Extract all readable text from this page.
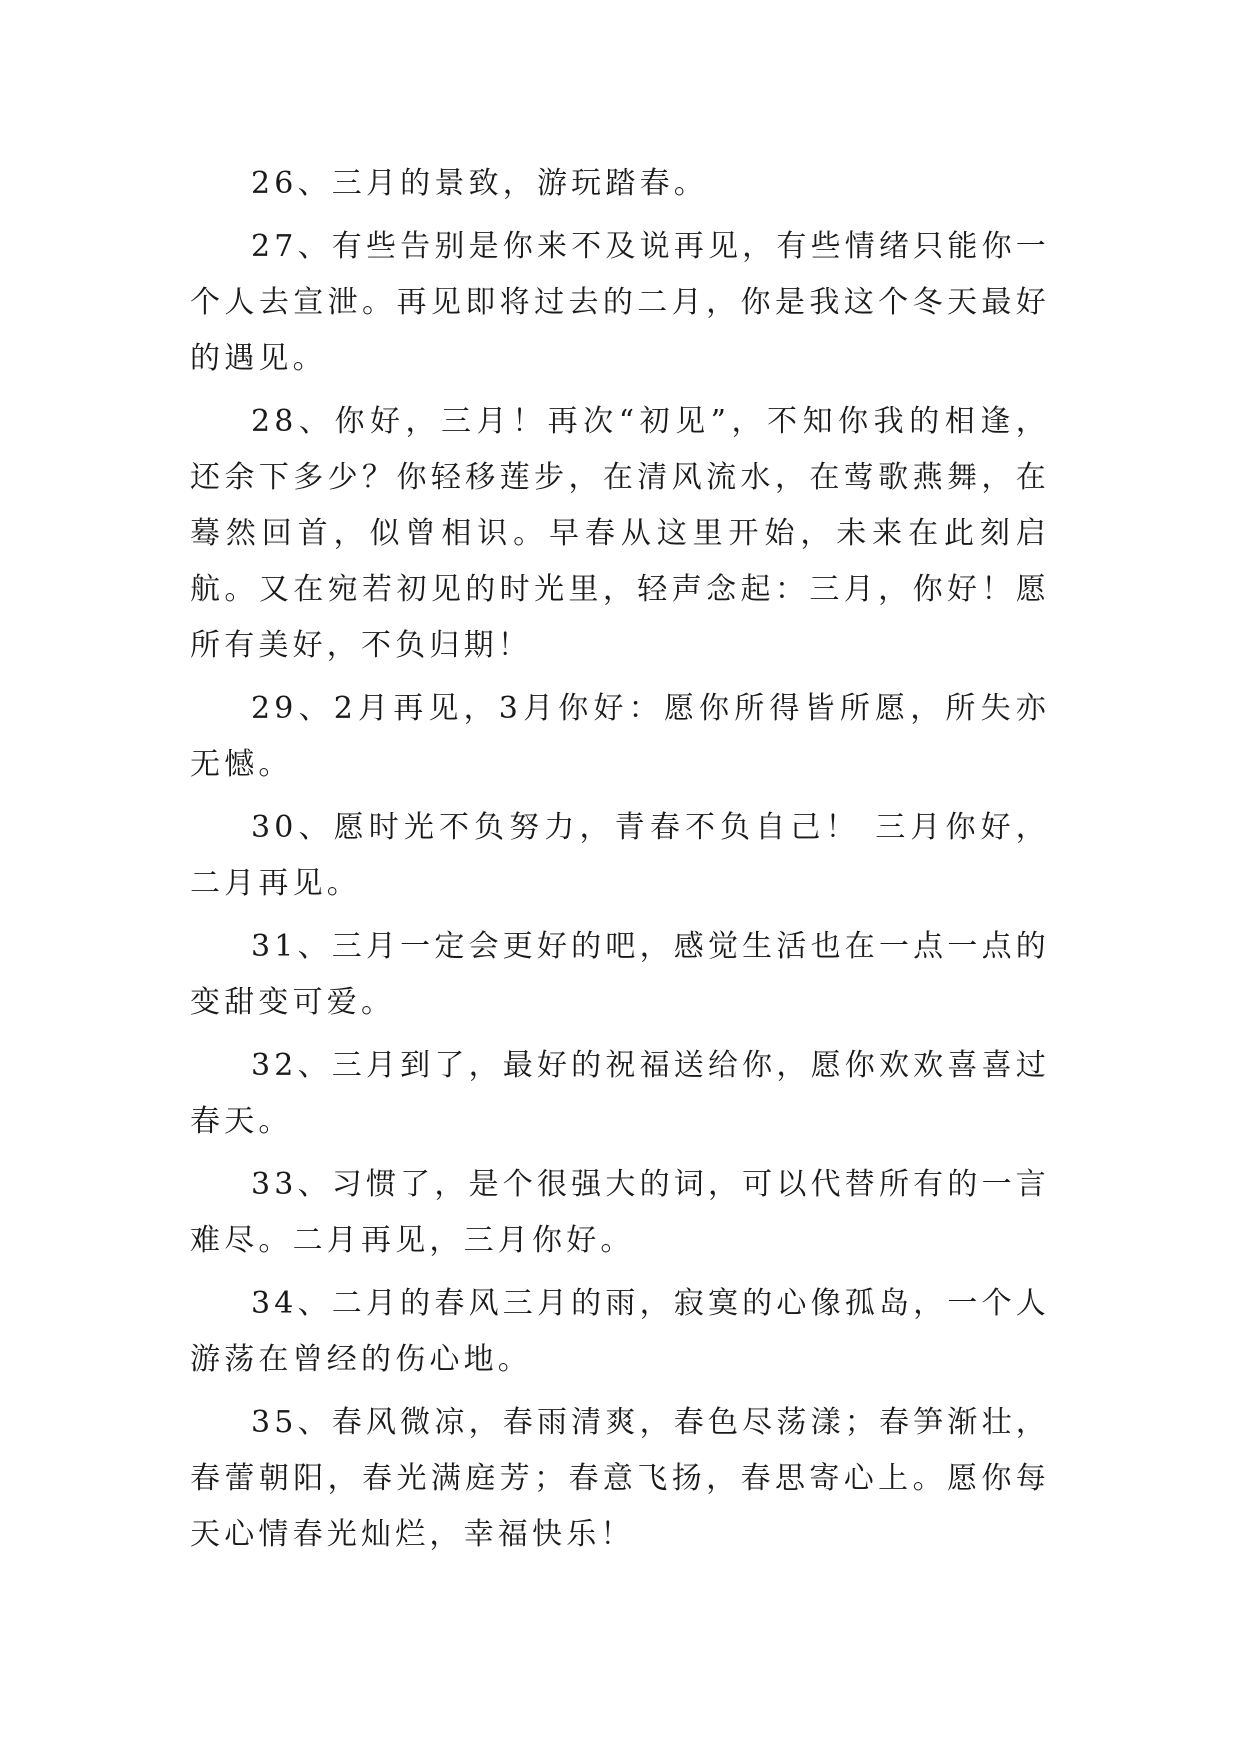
26、三月的景致，游玩踏春。

27、有些告别是你来不及说再见，有些情绪只能你一个人去宣泄。再见即将过去的二月，你是我这个冬天最好的遇见。

28、你好，三月！再次“初见”，不知你我的相逢，还余下多少？你轻移莲步，在清风流水，在莺歌燕舞，在蓦然回首，似曾相识。早春从这里开始，未来在此刻启航。又在宛若初见的时光里，轻声念起：三月，你好！愿所有美好，不负归期！

29、2月再见，3月你好：愿你所得皆所愿，所失亦无憾。

30、愿时光不负努力，青春不负自己！ 三月你好，二月再见。

31、三月一定会更好的吧，感觉生活也在一点一点的变甜变可爱。

32、三月到了，最好的祝福送给你，愿你欢欢喜喜过春天。

33、习惯了，是个很强大的词，可以代替所有的一言难尽。二月再见，三月你好。

34、二月的春风三月的雨，寂寞的心像孤岛，一个人游荡在曾经的伤心地。

35、春风微凉，春雨清爽，春色尽荡漾；春笋渐壮，春蕾朝阳，春光满庭芳；春意飞扬，春思寄心上。愿你每天心情春光灿烂，幸福快乐！
